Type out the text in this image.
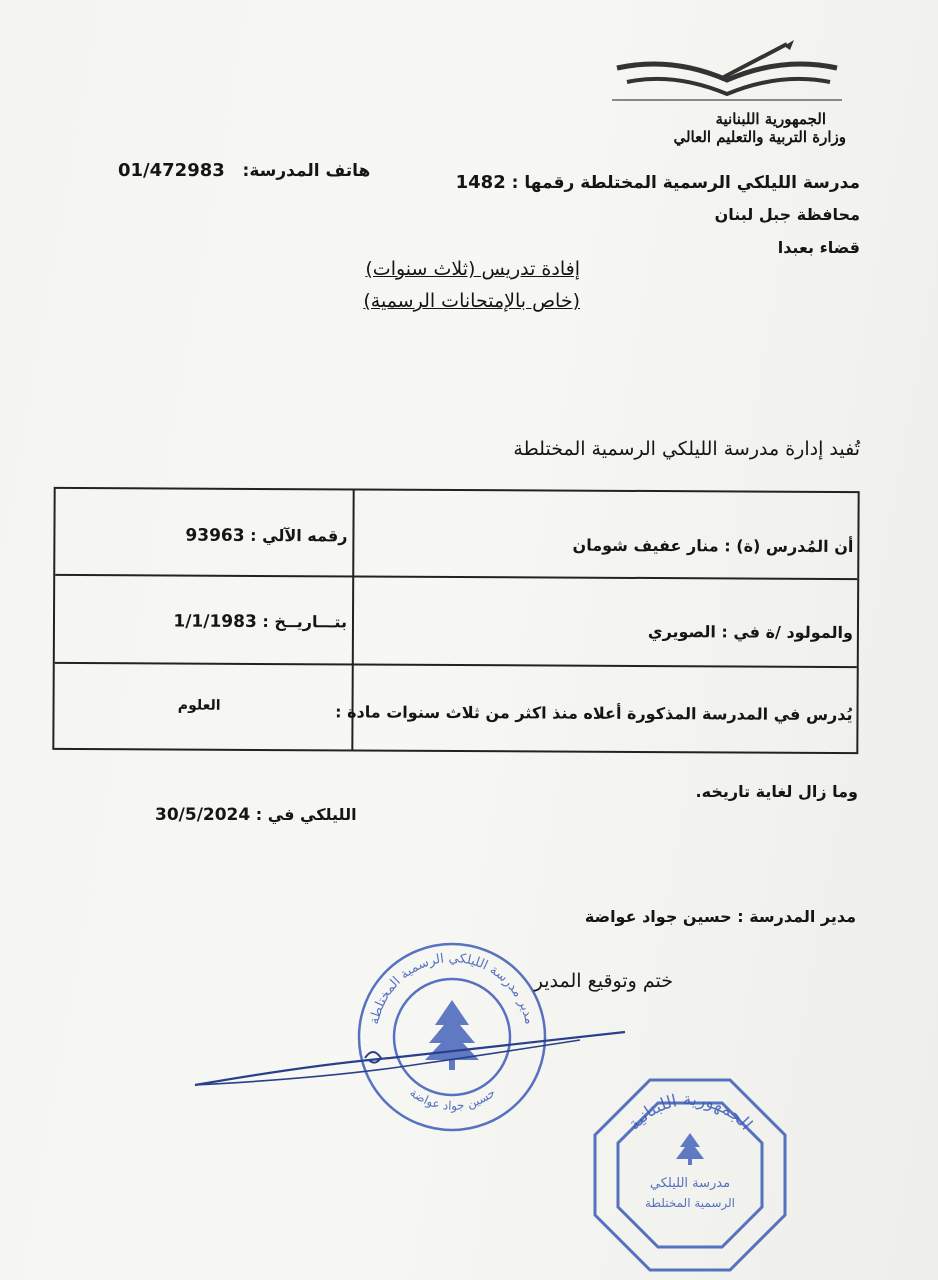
الجمهورية اللبنانية
وزارة التربية والتعليم العالي
هاتف المدرسة:   01/472983
مدرسة الليلكي الرسمية المختلطة رقمها : 1482
محافظة جبل لبنان
قضاء بعبدا
إفادة تدريس (ثلاث سنوات)
(خاص بالإمتحانات الرسمية)
تُفيد إدارة مدرسة الليلكي الرسمية المختلطة
أن المُدرس (ة) : منار عفيف شومان
رقمه الآلي : 93963
والمولود /ة في : الصويري
بتـــاريــخ : 1/1/1983
يُدرس في المدرسة المذكورة أعلاه منذ اكثر من ثلاث سنوات مادة :
العلوم
وما زال لغاية تاريخه.
الليلكي في : 30/5/2024
مدير المدرسة : حسين جواد عواضة
ختم وتوقيع المدير
مدير مدرسة الليلكي الرسمية المختلطة
حسين جواد عواضة
الجمهورية اللبنانية
مدرسة الليلكي
الرسمية المختلطة
